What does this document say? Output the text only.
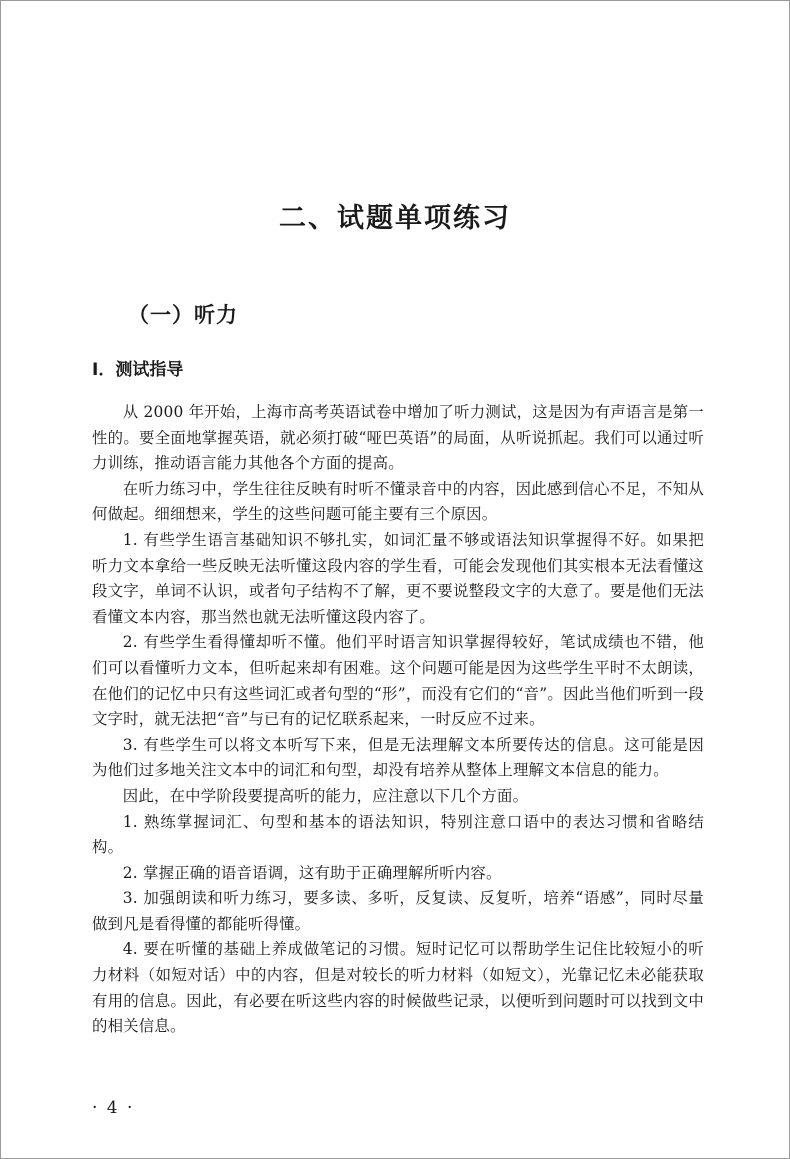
二、试题单项练习
（一）听力
I．测试指导

从 2000 年开始，上海市高考英语试卷中增加了听力测试，这是因为有声语言是第一性的。要全面地掌握英语，就必须打破“哑巴英语”的局面，从听说抓起。我们可以通过听力训练，推动语言能力其他各个方面的提高。

在听力练习中，学生往往反映有时听不懂录音中的内容，因此感到信心不足，不知从何做起。细细想来，学生的这些问题可能主要有三个原因。

1. 有些学生语言基础知识不够扎实，如词汇量不够或语法知识掌握得不好。如果把听力文本拿给一些反映无法听懂这段内容的学生看，可能会发现他们其实根本无法看懂这段文字，单词不认识，或者句子结构不了解，更不要说整段文字的大意了。要是他们无法看懂文本内容，那当然也就无法听懂这段内容了。

2. 有些学生看得懂却听不懂。他们平时语言知识掌握得较好，笔试成绩也不错，他们可以看懂听力文本，但听起来却有困难。这个问题可能是因为这些学生平时不太朗读，在他们的记忆中只有这些词汇或者句型的“形”，而没有它们的“音”。因此当他们听到一段文字时，就无法把“音”与已有的记忆联系起来，一时反应不过来。

3. 有些学生可以将文本听写下来，但是无法理解文本所要传达的信息。这可能是因为他们过多地关注文本中的词汇和句型，却没有培养从整体上理解文本信息的能力。

因此，在中学阶段要提高听的能力，应注意以下几个方面。

1. 熟练掌握词汇、句型和基本的语法知识，特别注意口语中的表达习惯和省略结构。

2. 掌握正确的语音语调，这有助于正确理解所听内容。

3. 加强朗读和听力练习，要多读、多听，反复读、反复听，培养“语感”，同时尽量做到凡是看得懂的都能听得懂。

4. 要在听懂的基础上养成做笔记的习惯。短时记忆可以帮助学生记住比较短小的听力材料（如短对话）中的内容，但是对较长的听力材料（如短文），光靠记忆未必能获取有用的信息。因此，有必要在听这些内容的时候做些记录，以便听到问题时可以找到文中的相关信息。

· 4 ·
